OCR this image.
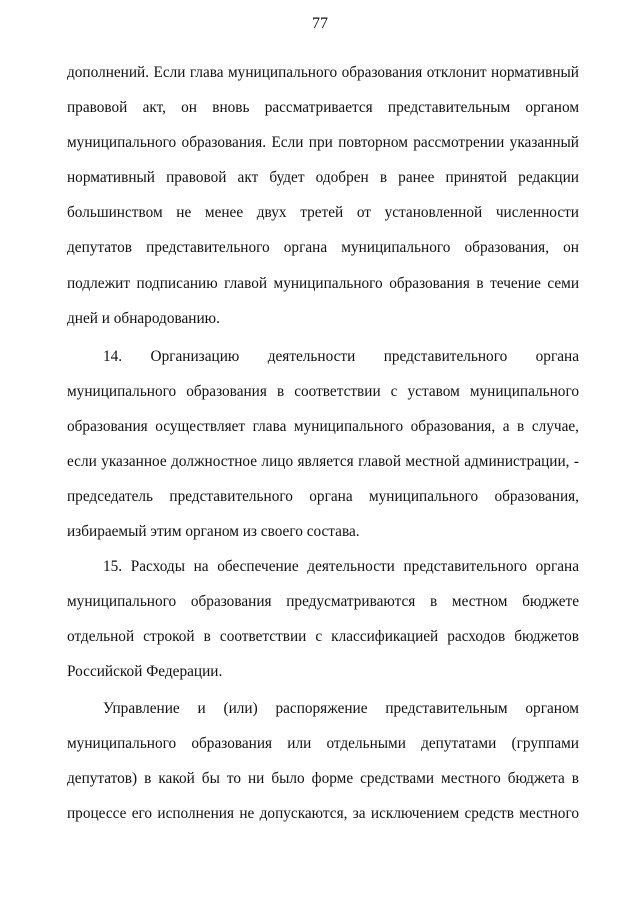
77
дополнений. Если глава муниципального образования отклонит нормативный
правовой акт, он вновь рассматривается представительным органом
муниципального образования. Если при повторном рассмотрении указанный
нормативный правовой акт будет одобрен в ранее принятой редакции
большинством не менее двух третей от установленной численности
депутатов представительного органа муниципального образования, он
подлежит подписанию главой муниципального образования в течение семи
дней и обнародованию.
14. Организацию деятельности представительного органа
муниципального образования в соответствии с уставом муниципального
образования осуществляет глава муниципального образования, а в случае,
если указанное должностное лицо является главой местной администрации, -
председатель представительного органа муниципального образования,
избираемый этим органом из своего состава.
15. Расходы на обеспечение деятельности представительного органа
муниципального образования предусматриваются в местном бюджете
отдельной строкой в соответствии с классификацией расходов бюджетов
Российской Федерации.
Управление и (или) распоряжение представительным органом
муниципального образования или отдельными депутатами (группами
депутатов) в какой бы то ни было форме средствами местного бюджета в
процессе его исполнения не допускаются, за исключением средств местного
